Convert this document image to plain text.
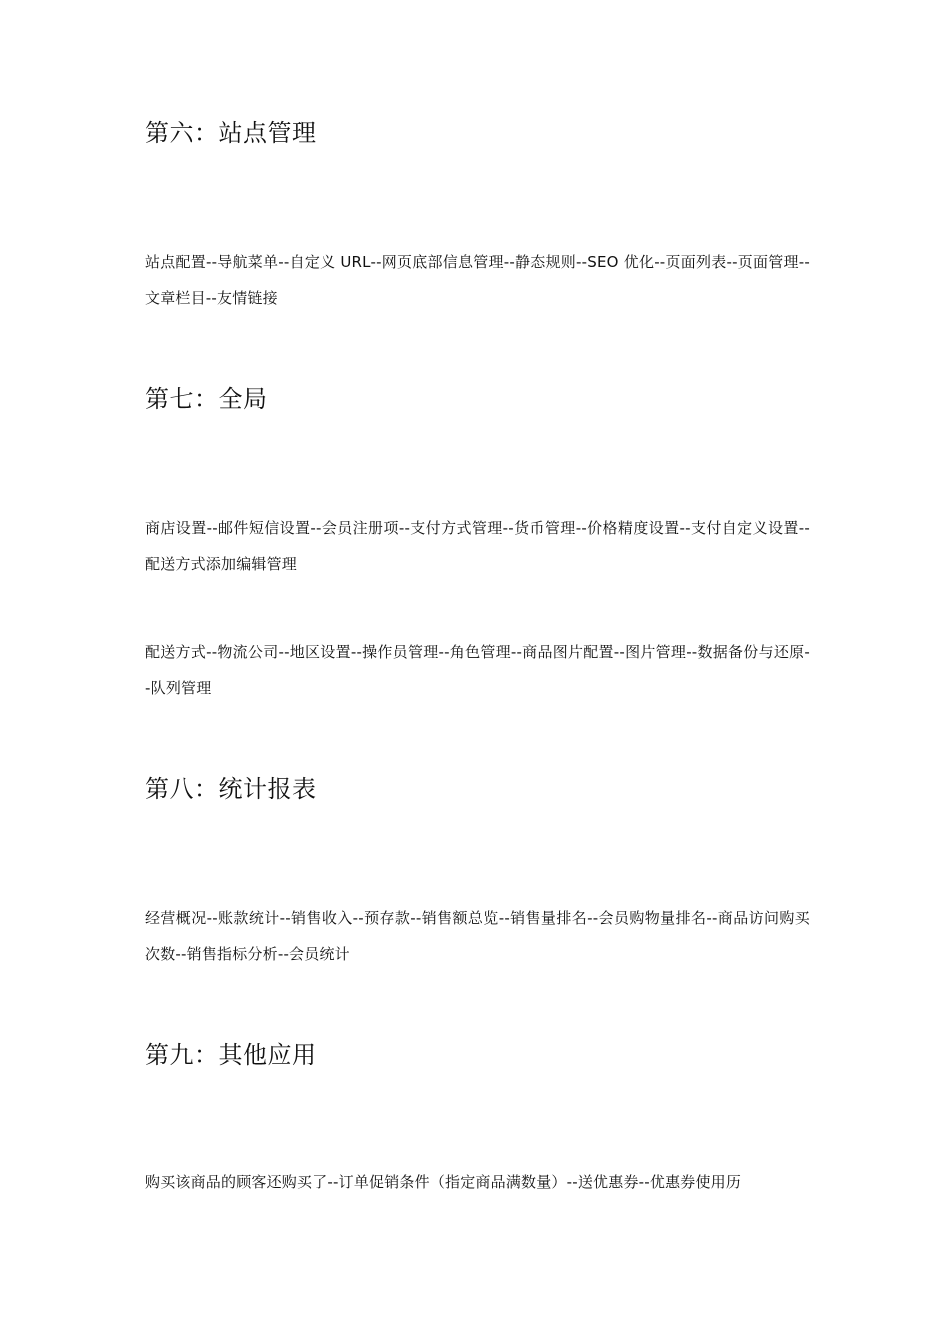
第六：站点管理

站点配置--导航菜单--自定义 URL--网页底部信息管理--静态规则--SEO 优化--页面列表--页面管理--文章栏目--友情链接

第七：全局

商店设置--邮件短信设置--会员注册项--支付方式管理--货币管理--价格精度设置--支付自定义设置--配送方式添加编辑管理

配送方式--物流公司--地区设置--操作员管理--角色管理--商品图片配置--图片管理--数据备份与还原--队列管理

第八：统计报表

经营概况--账款统计--销售收入--预存款--销售额总览--销售量排名--会员购物量排名--商品访问购买次数--销售指标分析--会员统计

第九：其他应用

购买该商品的顾客还购买了--订单促销条件（指定商品满数量）--送优惠券--优惠券使用历
